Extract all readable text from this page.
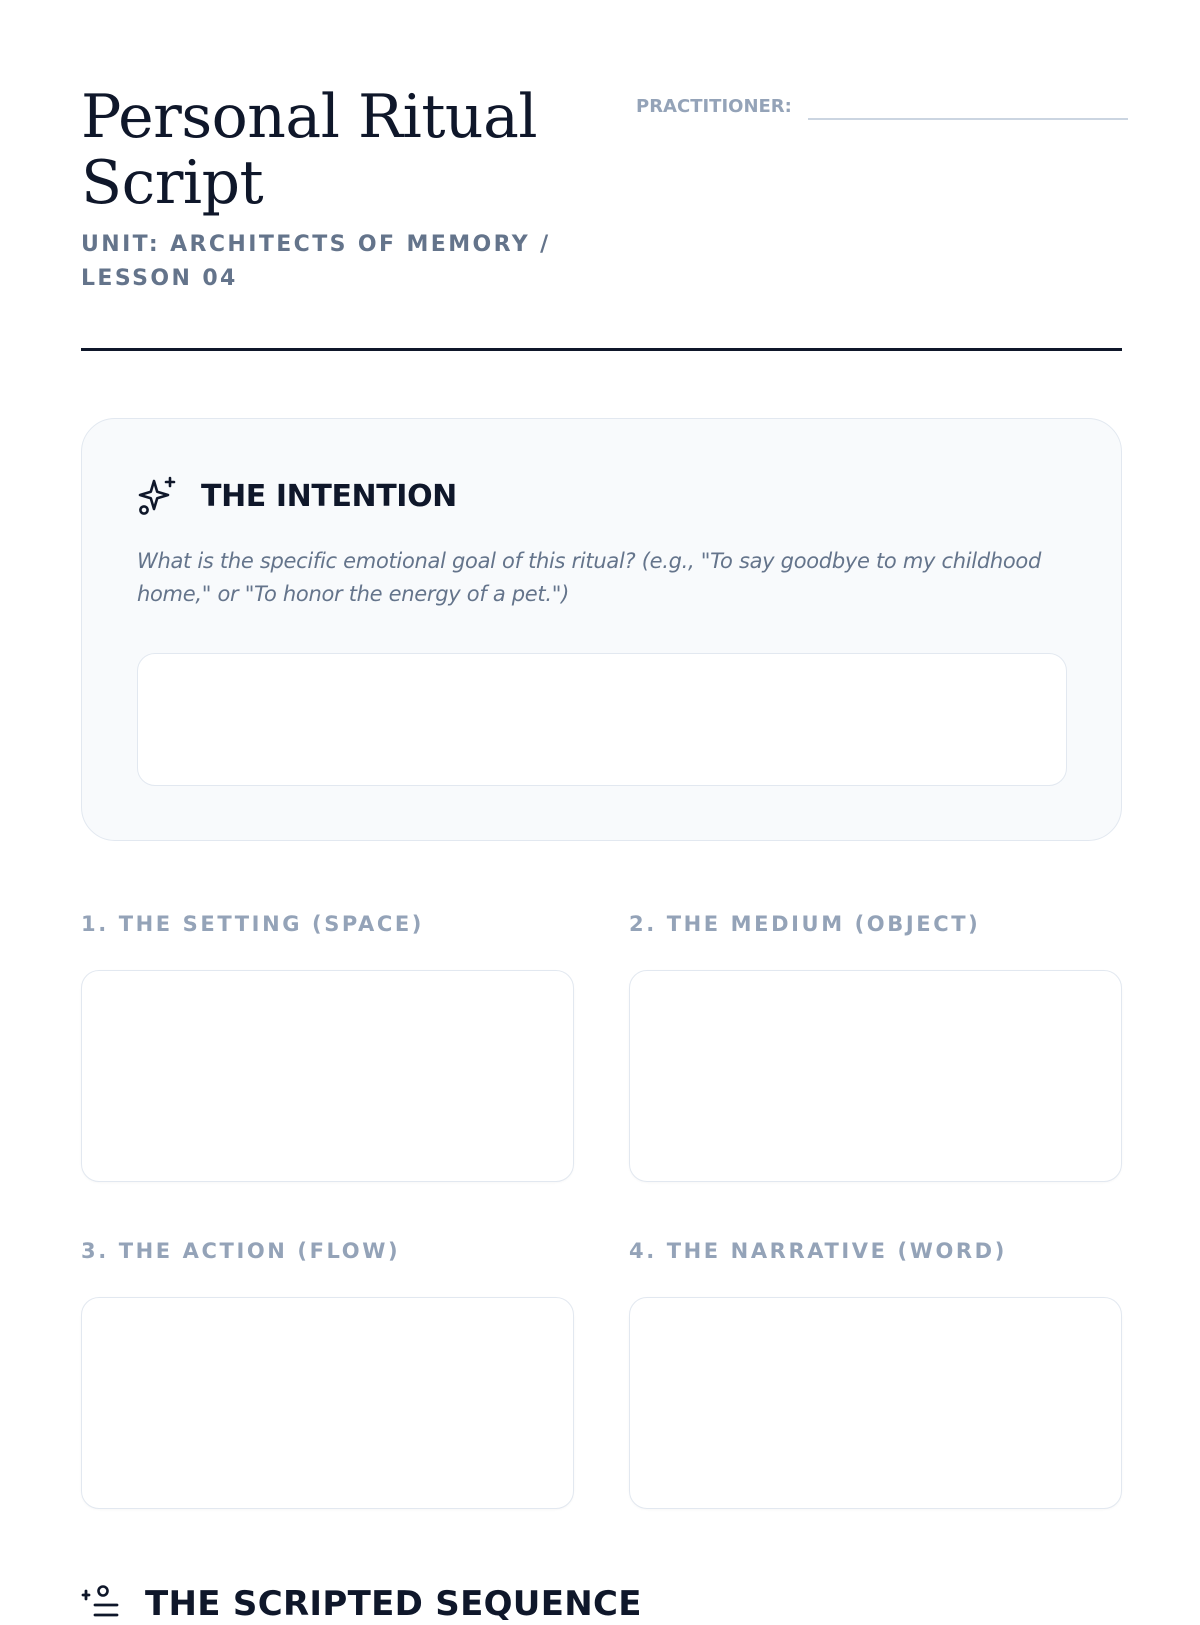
Personal Ritual Script
UNIT: ARCHITECTS OF MEMORY / LESSON 04
PRACTITIONER:
THE INTENTION

What is the specific emotional goal of this ritual? (e.g., "To say goodbye to my childhood home," or "To honor the energy of a pet.")

1. THE SETTING (SPACE)	2. THE MEDIUM (OBJECT)
3. THE ACTION (FLOW)	4. THE NARRATIVE (WORD)
THE SCRIPTED SEQUENCE
